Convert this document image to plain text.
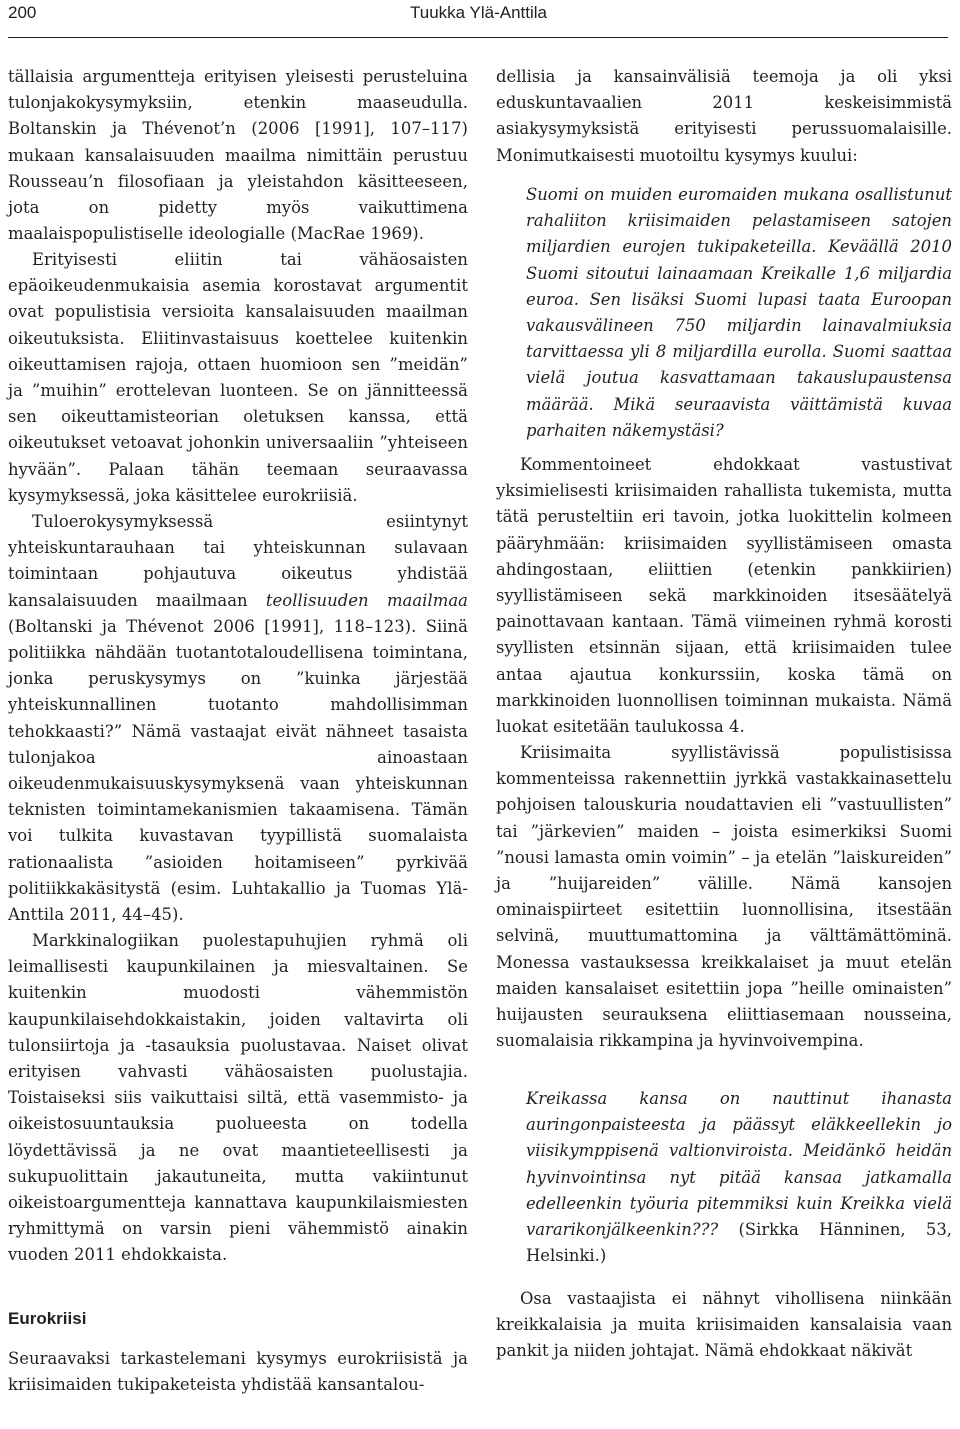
200	Tuukka Ylä-Anttila

tällaisia argumentteja erityisen yleisesti perusteluina tulonjakokysymyksiin, etenkin maaseudulla. Boltanskin ja Thévenot’n (2006 [1991], 107–117) mukaan kansalaisuuden maailma nimittäin perustuu Rousseau’n filosofiaan ja yleistahdon käsitteeseen, jota on pidetty myös vaikuttimena maalaispopulistiselle ideologialle (MacRae 1969).

Erityisesti eliitin tai vähäosaisten epäoikeudenmukaisia asemia korostavat argumentit ovat populistisia versioita kansalaisuuden maailman oikeutuksista. Eliitinvastaisuus koettelee kuitenkin oikeuttamisen rajoja, ottaen huomioon sen ”meidän” ja ”muihin” erottelevan luonteen. Se on jännitteessä sen oikeuttamisteorian oletuksen kanssa, että oikeutukset vetoavat johonkin universaaliin ”yhteiseen hyvään”. Palaan tähän teemaan seuraavassa kysymyksessä, joka käsittelee eurokriisiä.

Tuloerokysymyksessä esiintynyt yhteiskuntarauhaan tai yhteiskunnan sulavaan toimintaan pohjautuva oikeutus yhdistää kansalaisuuden maailmaan teollisuuden maailmaa (Boltanski ja Thévenot 2006 [1991], 118–123). Siinä politiikka nähdään tuotantotaloudellisena toimintana, jonka peruskysymys on ”kuinka järjestää yhteiskunnallinen tuotanto mahdollisimman tehokkaasti?” Nämä vastaajat eivät nähneet tasaista tulonjakoa ainoastaan oikeudenmukaisuuskysymyksenä vaan yhteiskunnan teknisten toimintamekanismien takaamisena. Tämän voi tulkita kuvastavan tyypillistä suomalaista rationaalista ”asioiden hoitamiseen” pyrkivää politiikkakäsitystä (esim. Luhtakallio ja Tuomas Ylä-Anttila 2011, 44–45).

Markkinalogiikan puolestapuhujien ryhmä oli leimallisesti kaupunkilainen ja miesvaltainen. Se kuitenkin muodosti vähemmistön kaupunkilaisehdokkaistakin, joiden valtavirta oli tulonsiirtoja ja -tasauksia puolustavaa. Naiset olivat erityisen vahvasti vähäosaisten puolustajia. Toistaiseksi siis vaikuttaisi siltä, että vasemmisto- ja oikeistosuuntauksia puolueesta on todella löydettävissä ja ne ovat maantieteellisesti ja sukupuolittain jakautuneita, mutta vakiintunut oikeistoargumentteja kannattava kaupunkilaismiesten ryhmittymä on varsin pieni vähemmistö ainakin vuoden 2011 ehdokkaista.

Eurokriisi

Seuraavaksi tarkastelemani kysymys eurokriisistä ja kriisimaiden tukipaketeista yhdistää kansantalou-

dellisia ja kansainvälisiä teemoja ja oli yksi eduskuntavaalien 2011 keskeisimmistä asiakysymyksistä erityisesti perussuomalaisille. Monimutkaisesti muotoiltu kysymys kuului:

Suomi on muiden euromaiden mukana osallistunut rahaliiton kriisimaiden pelastamiseen satojen miljardien eurojen tukipaketeilla. Keväällä 2010 Suomi sitoutui lainaamaan Kreikalle 1,6 miljardia euroa. Sen lisäksi Suomi lupasi taata Euroopan vakausvälineen 750 miljardin lainavalmiuksia tarvittaessa yli 8 miljardilla eurolla. Suomi saattaa vielä joutua kasvattamaan takauslupaustensa määrää. Mikä seuraavista väittämistä kuvaa parhaiten näkemystäsi?

Kommentoineet ehdokkaat vastustivat yksimielisesti kriisimaiden rahallista tukemista, mutta tätä perusteltiin eri tavoin, jotka luokittelin kolmeen pääryhmään: kriisimaiden syyllistämiseen omasta ahdingostaan, eliittien (etenkin pankkiirien) syyllistämiseen sekä markkinoiden itsesäätelyä painottavaan kantaan. Tämä viimeinen ryhmä korosti syyllisten etsinnän sijaan, että kriisimaiden tulee antaa ajautua konkurssiin, koska tämä on markkinoiden luonnollisen toiminnan mukaista. Nämä luokat esitetään taulukossa 4.

Kriisimaita syyllistävissä populistisissa kommenteissa rakennettiin jyrkkä vastakkainasettelu pohjoisen talouskuria noudattavien eli ”vastuullisten” tai ”järkevien” maiden – joista esimerkiksi Suomi ”nousi lamasta omin voimin” – ja etelän ”laiskureiden” ja ”huijareiden” välille. Nämä kansojen ominaispiirteet esitettiin luonnollisina, itsestään selvinä, muuttumattomina ja välttämättöminä. Monessa vastauksessa kreikkalaiset ja muut etelän maiden kansalaiset esitettiin jopa ”heille ominaisten” huijausten seurauksena eliittiasemaan nousseina, suomalaisia rikkampina ja hyvinvoivempina.

Kreikassa kansa on nauttinut ihanasta auringonpaisteesta ja päässyt eläkkeellekin jo viisikymppisenä valtionviroista. Meidänkö heidän hyvinvointinsa nyt pitää kansaa jatkamalla edelleenkin työuria pitemmiksi kuin Kreikka vielä vararikonjälkeenkin??? (Sirkka Hänninen, 53, Helsinki.)

Osa vastaajista ei nähnyt vihollisena niinkään kreikkalaisia ja muita kriisimaiden kansalaisia vaan pankit ja niiden johtajat. Nämä ehdokkaat näkivät
